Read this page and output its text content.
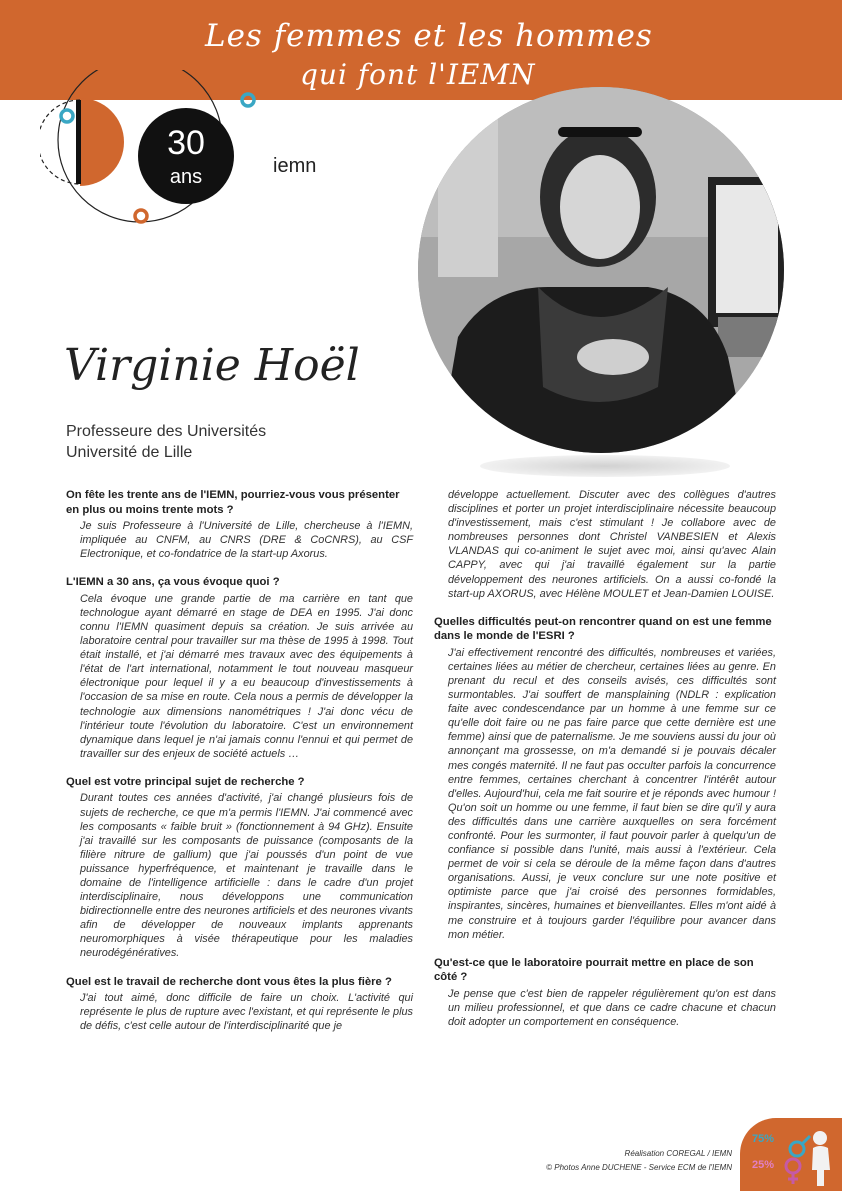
Les femmes et les hommes
qui font l'IEMN
30
ans	iemn
Virginie Hoël
Professeure des Universités
Université de Lille

On fête les trente ans de l'IEMN, pourriez-vous vous présenter en plus ou moins trente mots ?

Je suis Professeure à l'Université de Lille, chercheuse à l'IEMN, impliquée au CNFM, au CNRS (DRE & CoCNRS), au CSF Electronique, et co-fondatrice de la start-up Axorus.

L'IEMN a 30 ans, ça vous évoque quoi ?

Cela évoque une grande partie de ma carrière en tant que technologue ayant démarré en stage de DEA en 1995. J'ai donc connu l'IEMN quasiment depuis sa création. Je suis arrivée au laboratoire central pour travailler sur ma thèse de 1995 à 1998. Tout était installé, et j'ai démarré mes travaux avec des équipements à l'état de l'art international, notamment le tout nouveau masqueur électronique pour lequel il y a eu beaucoup d'investissements à l'occasion de sa mise en route. Cela nous a permis de développer la technologie aux dimensions nanométriques ! J'ai donc vécu de l'intérieur toute l'évolution du laboratoire. C'est un environnement dynamique dans lequel je n'ai jamais connu l'ennui et qui permet de travailler sur des enjeux de société actuels …

Quel est votre principal sujet de recherche ?

Durant toutes ces années d'activité, j'ai changé plusieurs fois de sujets de recherche, ce que m'a permis l'IEMN. J'ai commencé avec les composants « faible bruit » (fonctionnement à 94 GHz). Ensuite j'ai travaillé sur les composants de puissance (composants de la filière nitrure de gallium) que j'ai poussés d'un point de vue puissance hyperfréquence, et maintenant je travaille dans le domaine de l'intelligence artificielle : dans le cadre d'un projet interdisciplinaire, nous développons une communication bidirectionnelle entre des neurones artificiels et des neurones vivants afin de développer de nouveaux implants apprenants neuromorphiques à visée thérapeutique pour les maladies neurodégénératives.

Quel est le travail de recherche dont vous êtes la plus fière ?

J'ai tout aimé, donc difficile de faire un choix. L'activité qui représente le plus de rupture avec l'existant, et qui représente le plus de défis, c'est celle autour de l'interdisciplinarité que je

développe actuellement. Discuter avec des collègues d'autres disciplines et porter un projet interdisciplinaire nécessite beaucoup d'investissement, mais c'est stimulant ! Je collabore avec de nombreuses personnes dont Christel VANBESIEN et Alexis VLANDAS qui co-animent le sujet avec moi, ainsi qu'avec Alain CAPPY, avec qui j'ai travaillé également sur la partie développement des neurones artificiels. On a aussi co-fondé la start-up AXORUS, avec Hélène MOULET et Jean-Damien LOUISE.

Quelles difficultés peut-on rencontrer quand on est une femme dans le monde de l'ESRI ?

J'ai effectivement rencontré des difficultés, nombreuses et variées, certaines liées au métier de chercheur, certaines liées au genre. En prenant du recul et des conseils avisés, ces difficultés sont surmontables. J'ai souffert de mansplaining (NDLR : explication faite avec condescendance par un homme à une femme sur ce qu'elle doit faire ou ne pas faire parce que cette dernière est une femme) ainsi que de paternalisme. Je me souviens aussi du jour où annonçant ma grossesse, on m'a demandé si je pouvais décaler mes congés maternité. Il ne faut pas occulter parfois la concurrence entre femmes, certaines cherchant à concentrer l'intérêt autour d'elles. Aujourd'hui, cela me fait sourire et je réponds avec humour ! Qu'on soit un homme ou une femme, il faut bien se dire qu'il y aura des difficultés dans une carrière auxquelles on sera forcément confronté. Pour les surmonter, il faut pouvoir parler à quelqu'un de confiance si possible dans l'unité, mais aussi à l'extérieur. Cela permet de voir si cela se déroule de la même façon dans d'autres organisations. Aussi, je veux conclure sur une note positive et optimiste parce que j'ai croisé des personnes formidables, inspirantes, sincères, humaines et bienveillantes. Elles m'ont aidé à me construire et à toujours garder l'équilibre pour avancer dans mon métier.

Qu'est-ce que le laboratoire pourrait mettre en place de son côté ?

Je pense que c'est bien de rappeler régulièrement qu'on est dans un milieu professionnel, et que dans ce cadre chacune et chacun doit adopter un comportement en conséquence.

Réalisation COREGAL / IEMN
© Photos Anne DUCHENE - Service ECM de l'IEMN
75%
25%
